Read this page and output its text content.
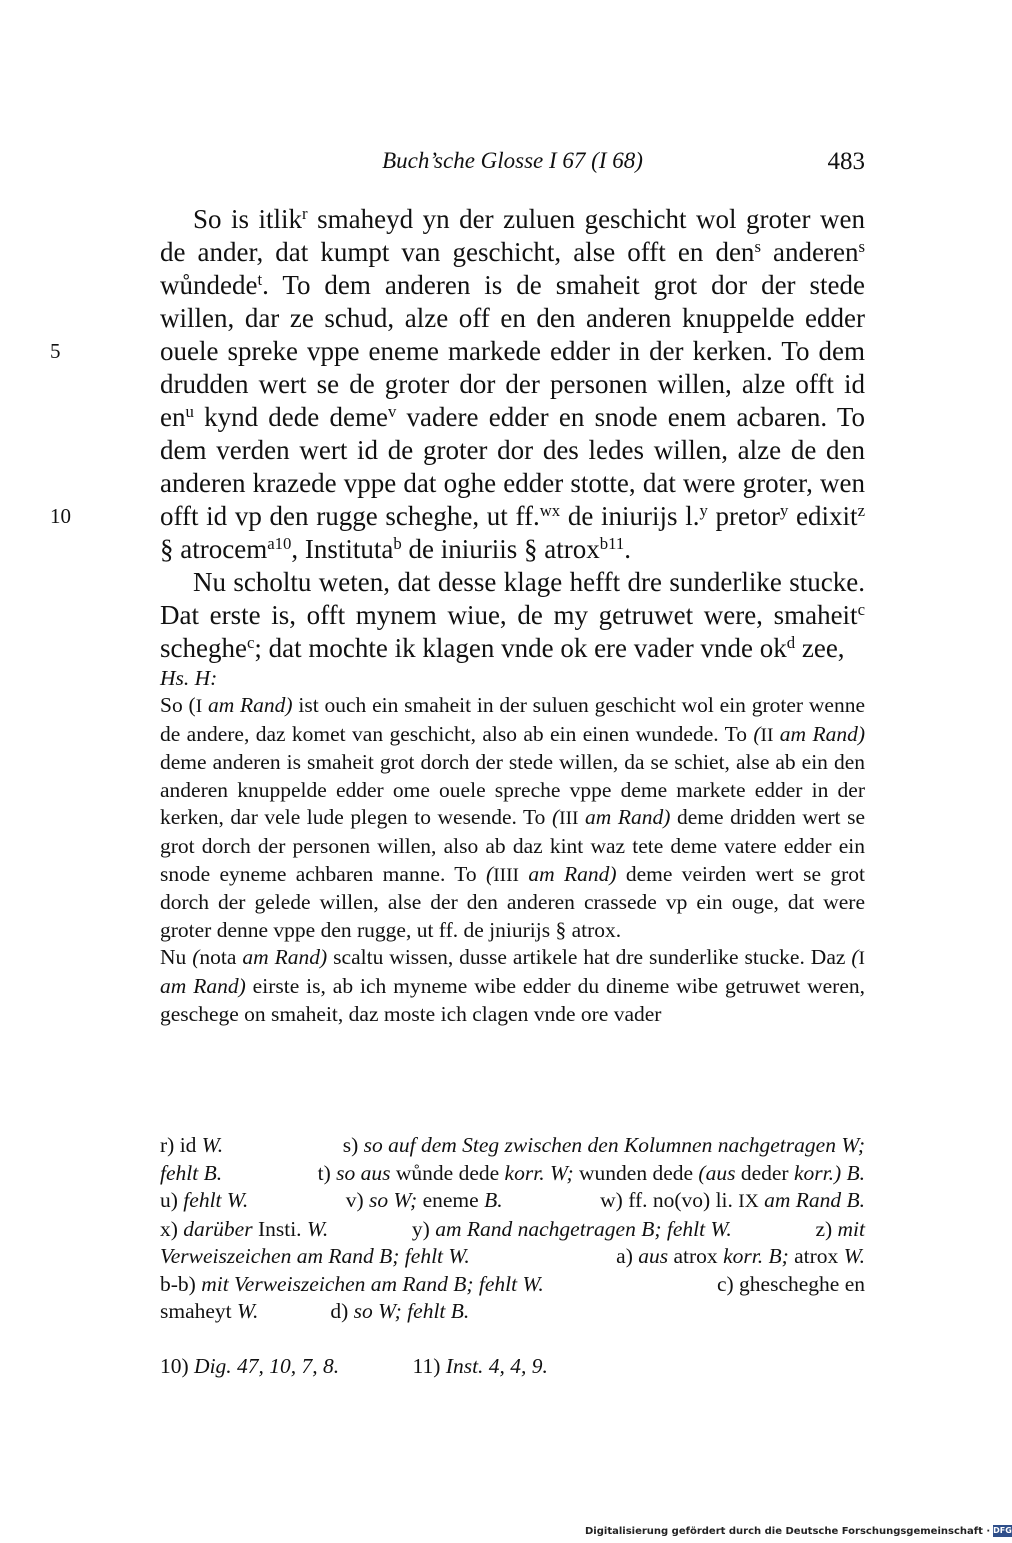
Buch’sche Glosse I 67 (I 68)	483

5
10
So is itlik$^r$ smaheyd yn der zuluen geschicht wol groter wen de ander, dat kumpt van geschicht, alse offt en den$^s$ anderen$^s$ wůndede$^t$. To dem anderen is de smaheit grot dor der stede willen, dar ze schud, alze off en den anderen knuppelde edder ouele spreke vppe eneme markede edder in der kerken. To dem drudden wert se de groter dor der personen willen, alze offt id $en^u$ kynd dede deme$^v$ vadere edder en snode enem acbaren. To dem verden wert id de groter dor des ledes willen, alze de den anderen krazede vppe dat oghe edder stotte, dat were groter, wen offt id vp den rugge scheghe, ut ff.$^{wx}$ de iniurijs l.$^y$ pretor$^y$ edixit$^z$ § atrocem$^{a10}$, Instituta$^b$ de iniuriis § atrox$^{b11}$.

Nu scholtu weten, dat desse klage hefft dre sunderlike stucke. Dat erste is, offt mynem wiue, de my getruwet were, smaheit$^c$ scheghe$^c$; dat mochte ik klagen vnde ok ere vader vnde $ok^d$ zee,

Hs. H:

So (I am Rand) ist ouch ein smaheit in der suluen geschicht wol ein groter wenne de andere, daz komet van geschicht, also ab ein einen wundede. To (II am Rand) deme anderen is smaheit grot dorch der stede willen, da se schiet, alse ab ein den anderen knuppelde edder ome ouele spreche vppe deme markete edder in der kerken, dar vele lude plegen to wesende. To (III am Rand) deme dridden wert se grot dorch der personen willen, also ab daz kint waz tete deme vatere edder ein snode eyneme achbaren manne. To (IIII am Rand) deme veirden wert se grot dorch der gelede willen, alse der den anderen crassede vp ein ouge, dat were groter denne vppe den rugge, ut ff. de jniurijs § atrox.

Nu (nota am Rand) scaltu wissen, dusse artikele hat dre sunderlike stucke. Daz (I am Rand) eirste is, ab ich myneme wibe edder du dineme wibe getruwet weren, geschege on smaheit, daz moste ich clagen vnde ore vader

r) id W.	s) so auf dem Steg zwischen den Kolumnen nachgetragen W;
fehlt B.	t) so aus wůnde dede korr. W; wunden dede (aus deder korr.) B.
u) fehlt W.	v) so W; eneme B.	w) ff. no(vo) li. IX am Rand B.
x) darüber Insti. W.	y) am Rand nachgetragen B; fehlt W.	z) mit
Verweiszeichen am Rand B; fehlt W.	a) aus atrox korr. B; atrox W.
b-b) mit Verweiszeichen am Rand B; fehlt W.	c) ghescheghe en
smaheyt W.	d) so W; fehlt B.
10) Dig. 47, 10, 7, 8.	11) Inst. 4, 4, 9.
Digitalisierung gefördert durch die Deutsche Forschungsgemeinschaft · DFG
